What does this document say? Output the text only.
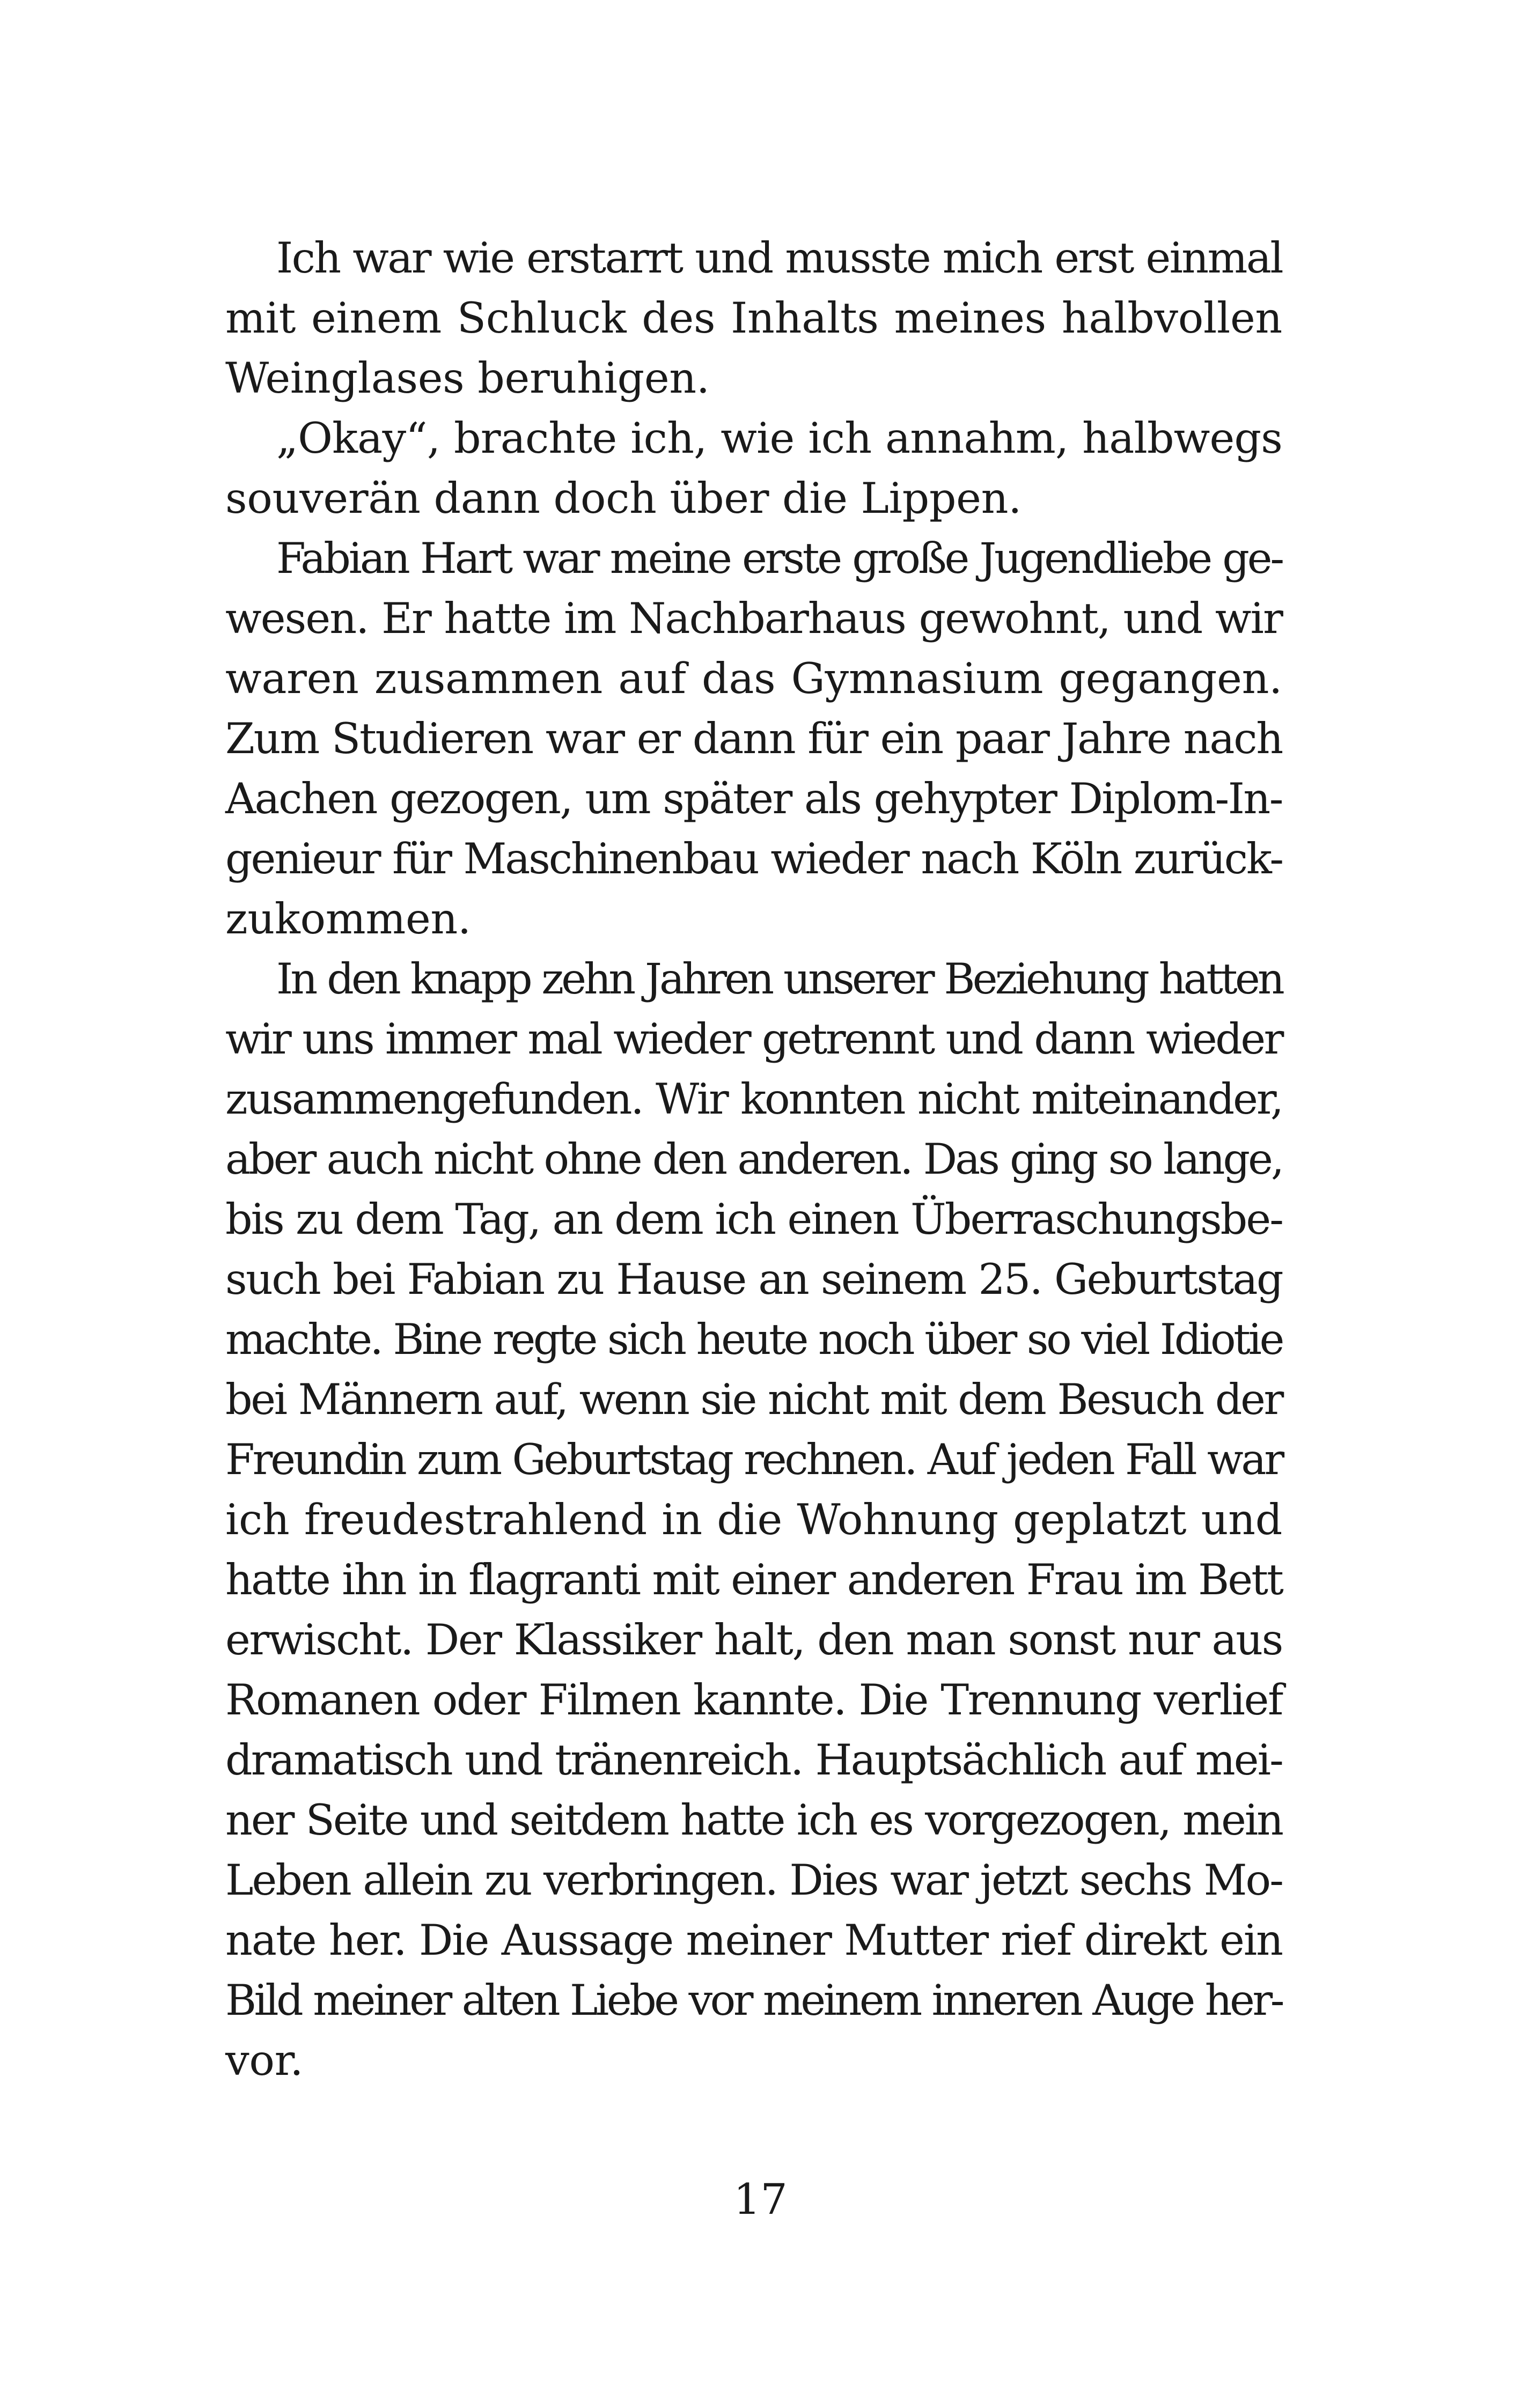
Ich war wie erstarrt und musste mich erst einmal
mit einem Schluck des Inhalts meines halbvollen
Weinglases beruhigen.
„Okay“, brachte ich, wie ich annahm, halbwegs
souverän dann doch über die Lippen.
Fabian Hart war meine erste große Jugendliebe ge-
wesen. Er hatte im Nachbarhaus gewohnt, und wir
waren zusammen auf das Gymnasium gegangen.
Zum Studieren war er dann für ein paar Jahre nach
Aachen gezogen, um später als gehypter Diplom-In-
genieur für Maschinenbau wieder nach Köln zurück-
zukommen.
In den knapp zehn Jahren unserer Beziehung hatten
wir uns immer mal wieder getrennt und dann wieder
zusammengefunden. Wir konnten nicht miteinander,
aber auch nicht ohne den anderen. Das ging so lange,
bis zu dem Tag, an dem ich einen Überraschungsbe-
such bei Fabian zu Hause an seinem 25. Geburtstag
machte. Bine regte sich heute noch über so viel Idiotie
bei Männern auf, wenn sie nicht mit dem Besuch der
Freundin zum Geburtstag rechnen. Auf jeden Fall war
ich freudestrahlend in die Wohnung geplatzt und
hatte ihn in flagranti mit einer anderen Frau im Bett
erwischt. Der Klassiker halt, den man sonst nur aus
Romanen oder Filmen kannte. Die Trennung verlief
dramatisch und tränenreich. Hauptsächlich auf mei-
ner Seite und seitdem hatte ich es vorgezogen, mein
Leben allein zu verbringen. Dies war jetzt sechs Mo-
nate her. Die Aussage meiner Mutter rief direkt ein
Bild meiner alten Liebe vor meinem inneren Auge her-
vor.
17
